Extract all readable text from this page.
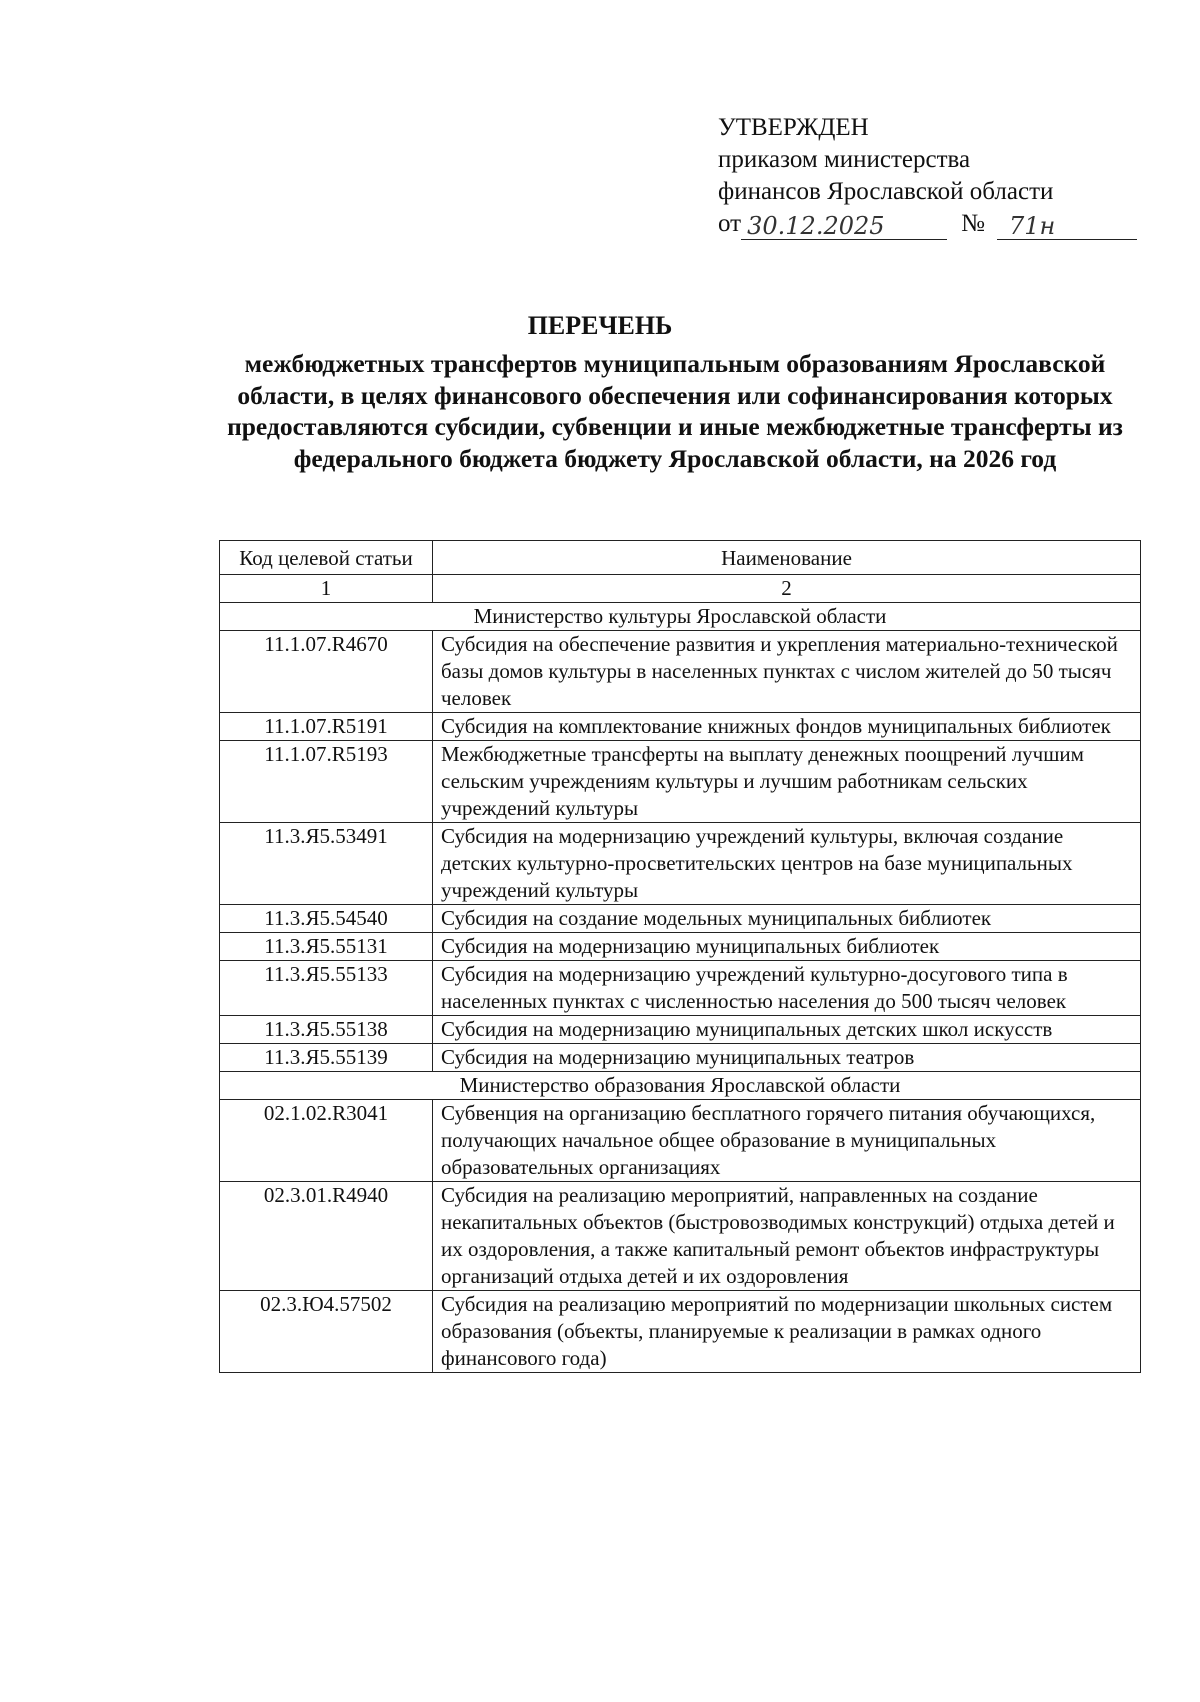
УТВЕРЖДЕН
приказом министерства
финансов Ярославской области
от 30.12.2025	№	71н
ПЕРЕЧЕНЬ

межбюджетных трансфертов муниципальным образованиям Ярославской области, в целях финансового обеспечения или софинансирования которых предоставляются субсидии, субвенции и иные межбюджетные трансферты из федерального бюджета бюджету Ярославской области, на 2026 год

Код целевой статьи	Наименование
1	2
Министерство культуры Ярославской области	
11.1.07.R4670	Субсидия на обеспечение развития и укрепления материально-технической базы домов культуры в населенных пунктах с числом жителей до 50 тысяч человек
11.1.07.R5191	Субсидия на комплектование книжных фондов муниципальных библиотек
11.1.07.R5193	Межбюджетные трансферты на выплату денежных поощрений лучшим сельским учреждениям культуры и лучшим работникам сельских учреждений культуры
11.3.Я5.53491	Субсидия на модернизацию учреждений культуры, включая создание детских культурно-просветительских центров на базе муниципальных учреждений культуры
11.3.Я5.54540	Субсидия на создание модельных муниципальных библиотек
11.3.Я5.55131	Субсидия на модернизацию муниципальных библиотек
11.3.Я5.55133	Субсидия на модернизацию учреждений культурно-досугового типа в населенных пунктах с численностью населения до 500 тысяч человек
11.3.Я5.55138	Субсидия на модернизацию муниципальных детских школ искусств
11.3.Я5.55139	Субсидия на модернизацию муниципальных театров
Министерство образования Ярославской области	
02.1.02.R3041	Субвенция на организацию бесплатного горячего питания обучающихся, получающих начальное общее образование в муниципальных образовательных организациях
02.3.01.R4940	Субсидия на реализацию мероприятий, направленных на создание некапитальных объектов (быстровозводимых конструкций) отдыха детей и их оздоровления, а также капитальный ремонт объектов инфраструктуры организаций отдыха детей и их оздоровления
02.3.Ю4.57502	Субсидия на реализацию мероприятий по модернизации школьных систем образования (объекты, планируемые к реализации в рамках одного финансового года)
